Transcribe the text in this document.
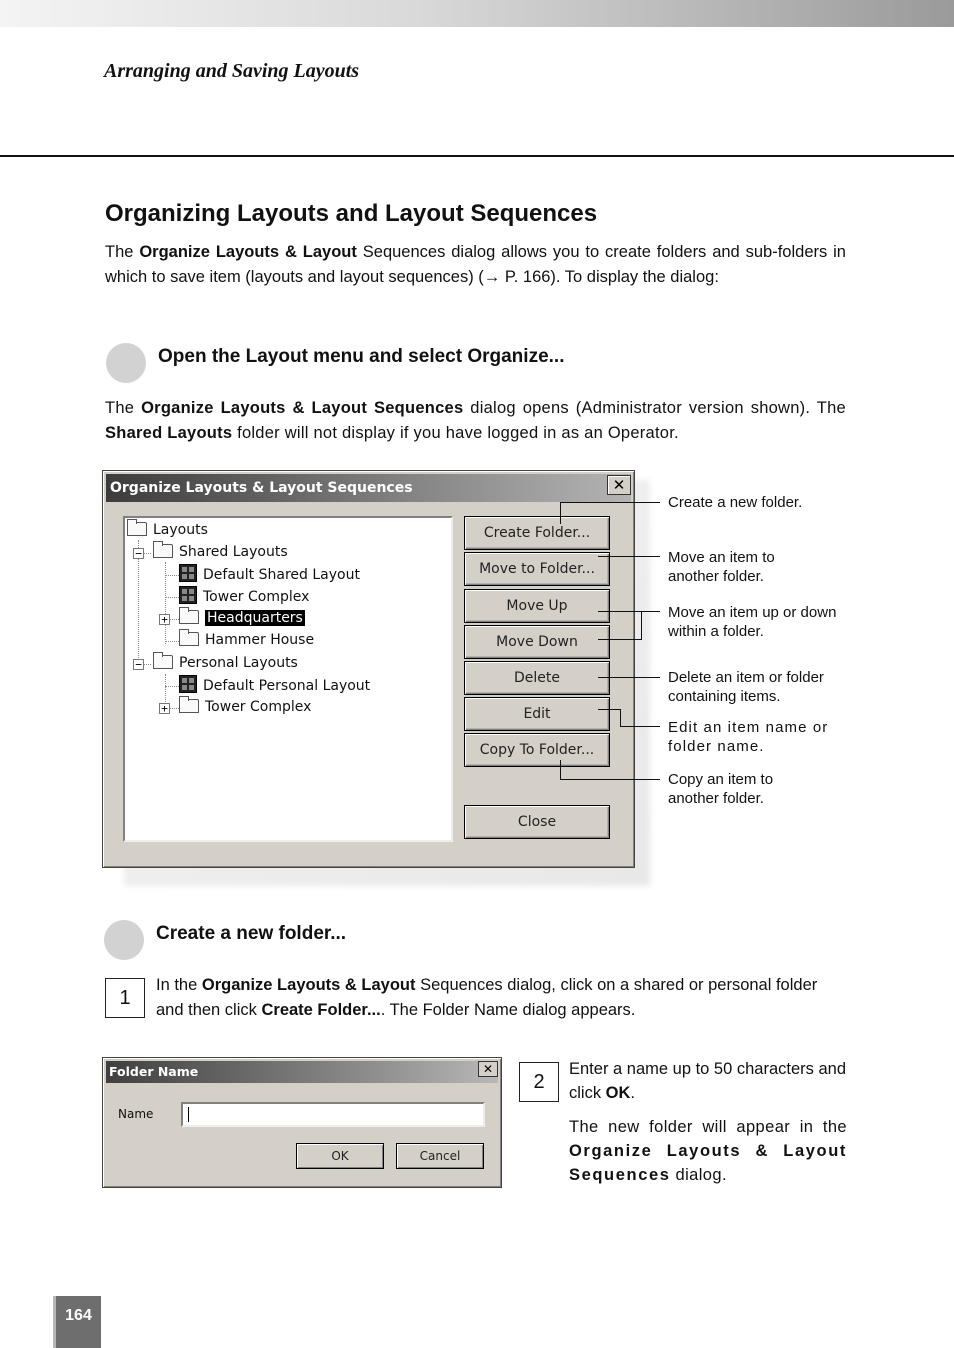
Arranging and Saving Layouts
Organizing Layouts and Layout Sequences

The Organize Layouts & Layout Sequences dialog allows you to create folders and sub-folders in which to save item (layouts and layout sequences) (→ P. 166). To display the dialog:

Open the Layout menu and select Organize...

The Organize Layouts & Layout Sequences dialog opens (Administrator version shown). The Shared Layouts folder will not display if you have logged in as an Operator.

Organize Layouts & Layout Sequences	✕
Layouts
−	Shared Layouts
Default Shared Layout
Tower Complex
+	Headquarters
Hammer House
−	Personal Layouts
Default Personal Layout
+	Tower Complex
Create Folder...
Move to Folder...
Move Up
Move Down
Delete
Edit
Copy To Folder...
Close
Create a new folder.
Move an item to another folder.
Move an item up or down within a folder.
Delete an item or folder containing items.
Edit an item name or folder name.
Copy an item to another folder.
Create a new folder...
1

In the Organize Layouts & Layout Sequences dialog, click on a shared or personal folder and then click Create Folder.... The Folder Name dialog appears.

Folder Name	✕
Name
OK	Cancel
2

Enter a name up to 50 characters and click OK.

The new folder will appear in the Organize Layouts & Layout Sequences dialog.

164
